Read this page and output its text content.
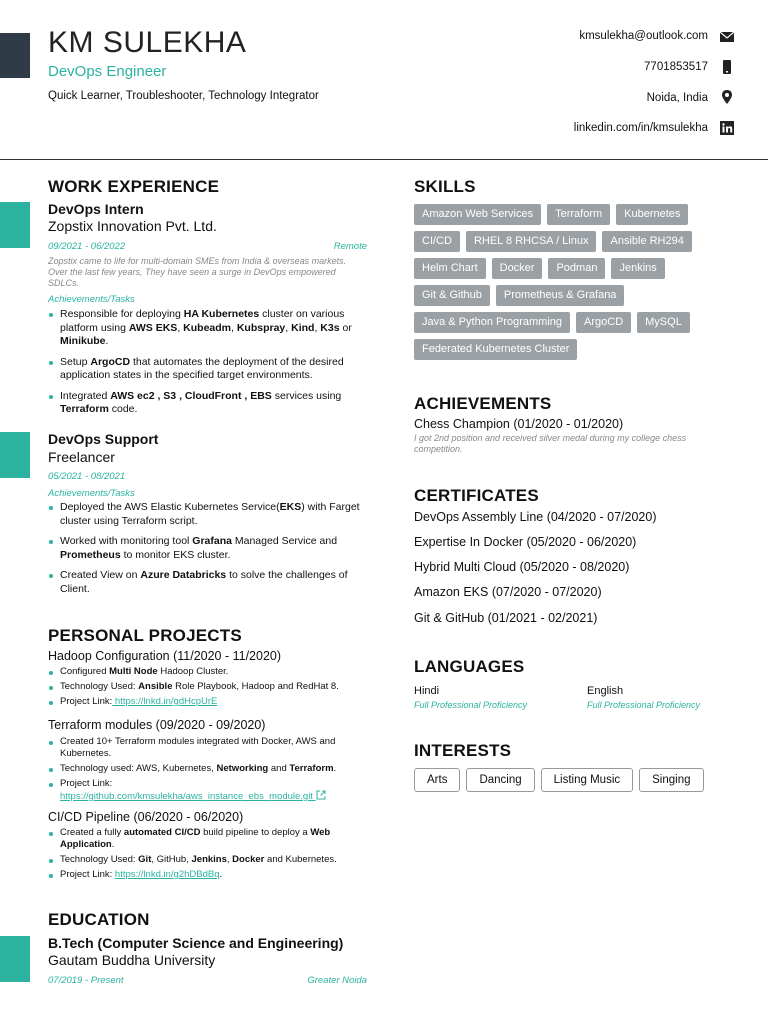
KM SULEKHA
DevOps Engineer
Quick Learner, Troubleshooter, Technology Integrator
kmsulekha@outlook.com
7701853517
Noida, India
linkedin.com/in/kmsulekha
WORK EXPERIENCE
DevOps Intern
Zopstix Innovation Pvt. Ltd.
09/2021 - 06/2022	Remote
Zopstix came to life for multi-domain SMEs from India & overseas markets. Over the last few years, They have seen a surge in DevOps empowered SDLCs.
Achievements/Tasks
Responsible for deploying HA Kubernetes cluster on various platform using AWS EKS, Kubeadm, Kubspray, Kind, K3s or Minikube.
Setup ArgoCD that automates the deployment of the desired application states in the specified target environments.
Integrated AWS ec2 , S3 , CloudFront , EBS services using Terraform code.
DevOps Support
Freelancer
05/2021 - 08/2021
Achievements/Tasks
Deployed the AWS Elastic Kubernetes Service(EKS) with Farget cluster using Terraform script.
Worked with monitoring tool Grafana Managed Service and Prometheus to monitor EKS cluster.
Created View on Azure Databricks to solve the challenges of Client.
PERSONAL PROJECTS
Hadoop Configuration (11/2020 - 11/2020)
Configured Multi Node Hadoop Cluster.
Technology Used: Ansible Role Playbook, Hadoop and RedHat 8.
Project Link: https://lnkd.in/gdHcpUrE
Terraform modules (09/2020 - 09/2020)
Created 10+ Terraform modules integrated with Docker, AWS and Kubernetes.
Technology used: AWS, Kubernetes, Networking and Terraform.
Project Link:
https://github.com/kmsulekha/aws_instance_ebs_module.git
CI/CD Pipeline (06/2020 - 06/2020)
Created a fully automated CI/CD build pipeline to deploy a Web Application.
Technology Used: Git, GitHub, Jenkins, Docker and Kubernetes.
Project Link: https://lnkd.in/g2hDBdBq.
EDUCATION
B.Tech (Computer Science and Engineering)
Gautam Buddha University
07/2019 - Present	Greater Noida
SKILLS
Amazon Web Services	Terraform	Kubernetes
CI/CD	RHEL 8 RHCSA / Linux	Ansible RH294
Helm Chart	Docker	Podman	Jenkins
Git & Github	Prometheus & Grafana
Java & Python Programming	ArgoCD	MySQL
Federated Kubernetes Cluster
ACHIEVEMENTS
Chess Champion (01/2020 - 01/2020)
I got 2nd position and received silver medal during my college chess competition.
CERTIFICATES
DevOps Assembly Line (04/2020 - 07/2020)
Expertise In Docker (05/2020 - 06/2020)
Hybrid Multi Cloud (05/2020 - 08/2020)
Amazon EKS (07/2020 - 07/2020)
Git & GitHub (01/2021 - 02/2021)
LANGUAGES
Hindi
Full Professional Proficiency
English
Full Professional Proficiency
INTERESTS
Arts	Dancing	Listing Music	Singing
